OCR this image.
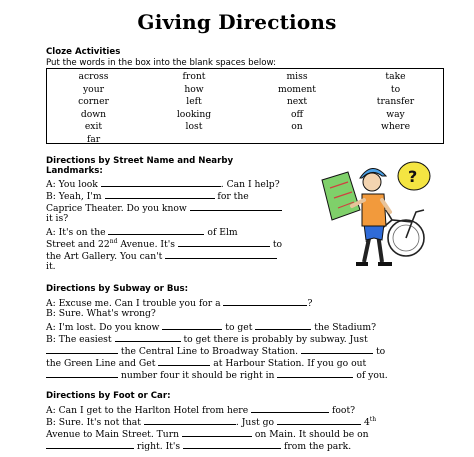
Giving Directions
Cloze Activities
Put the words in the box into the blank spaces below:
across	front	miss	take
your	how	moment	to
corner	left	next	transfer
down	looking	off	way
exit	lost	on	where
far
Directions by Street Name and Nearby
Landmarks:
A: You look	. Can I help?
B: Yeah, I'm	for the
Caprice Theater. Do you know
it is?
A: It's on the	of Elm
Street and 22nd Avenue. It's	to
the Art Gallery. You can't
it.
?
Directions by Subway or Bus:
A: Excuse me. Can I trouble you for a	?
B: Sure. What's wrong?
A: I'm lost. Do you know	to get	the Stadium?
B: The easiest	to get there is probably by subway. Just
the Central Line to Broadway Station.	to
the Green Line and Get	at Harbour Station. If you go out
number four it should be right in	of you.
Directions by Foot or Car:
A: Can I get to the Harlton Hotel from here	foot?
B: Sure. It's not that	. Just go	4th
Avenue to Main Street. Turn	on Main. It should be on
right. It's	from the park.
